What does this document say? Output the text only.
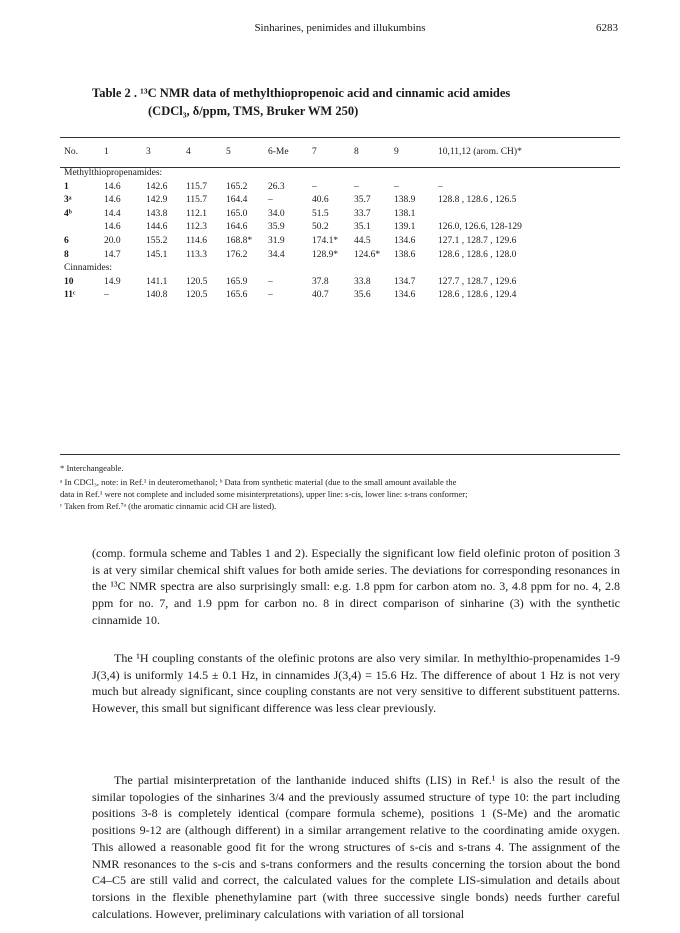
Sinharines, penimides and illukumbins	6283
Table 2 . ¹³C NMR data of methylthiopropenoic acid and cinnamic acid amides
(CDCl₃, δ/ppm, TMS, Bruker WM 250)
No.	1	3	4	5	6-Me	7	8	9	10,11,12 (arom. CH)*
Methylthiopropenamides:									
1	14.6	142.6	115.7	165.2	26.3	–	–	–	–
3ᵃ	14.6	142.9	115.7	164.4	–	40.6	35.7	138.9	128.8 , 128.6 , 126.5
4ᵇ	14.4	143.8	112.1	165.0	34.0	51.5	33.7	138.1	
	14.6	144.6	112.3	164.6	35.9	50.2	35.1	139.1	126.0, 126.6, 128-129
6	20.0	155.2	114.6	168.8*	31.9	174.1*	44.5	134.6	127.1 , 128.7 , 129.6
8	14.7	145.1	113.3	176.2	34.4	128.9*	124.6*	138.6	128.6 , 128.6 , 128.0
Cinnamides:									
10	14.9	141.1	120.5	165.9	–	37.8	33.8	134.7	127.7 , 128.7 , 129.6
11ᶜ	–	140.8	120.5	165.6	–	40.7	35.6	134.6	128.6 , 128.6 , 129.4
* Interchangeable.
ᵃ In CDCl₃, note: in Ref.¹ in deuteromethanol; ᵇ Data from synthetic material (due to the small amount available the
data in Ref.¹ were not complete and included some misinterpretations), upper line: s-cis, lower line: s-trans conformer;
ᶜ Taken from Ref.⁷ᵃ (the aromatic cinnamic acid CH are listed).

(comp. formula scheme and Tables 1 and 2). Especially the significant low field olefinic proton of position 3 is at very similar chemical shift values for both amide series. The deviations for corresponding resonances in the ¹³C NMR spectra are also surprisingly small: e.g. 1.8 ppm for carbon atom no. 3, 4.8 ppm for no. 4, 2.8 ppm for no. 7, and 1.9 ppm for carbon no. 8 in direct comparison of sinharine (3) with the synthetic cinnamide 10.

The ¹H coupling constants of the olefinic protons are also very similar. In methylthio-propenamides 1-9 J(3,4) is uniformly 14.5 ± 0.1 Hz, in cinnamides J(3,4) = 15.6 Hz. The difference of about 1 Hz is not very much but already significant, since coupling constants are not very sensitive to different substituent patterns. However, this small but significant difference was less clear previously.

The partial misinterpretation of the lanthanide induced shifts (LIS) in Ref.¹ is also the result of the similar topologies of the sinharines 3/4 and the previously assumed structure of type 10: the part including positions 3-8 is completely identical (compare formula scheme), positions 1 (S-Me) and the aromatic positions 9-12 are (although different) in a similar arrangement relative to the coordinating amide oxygen. This allowed a reasonable good fit for the wrong structures of s-cis and s-trans 4. The assignment of the NMR resonances to the s-cis and s-trans conformers and the results concerning the torsion about the bond C4–C5 are still valid and correct, the calculated values for the complete LIS-simulation and details about torsions in the flexible phenethylamine part (with three successive single bonds) needs further careful calculations. However, preliminary calculations with variation of all torsional
